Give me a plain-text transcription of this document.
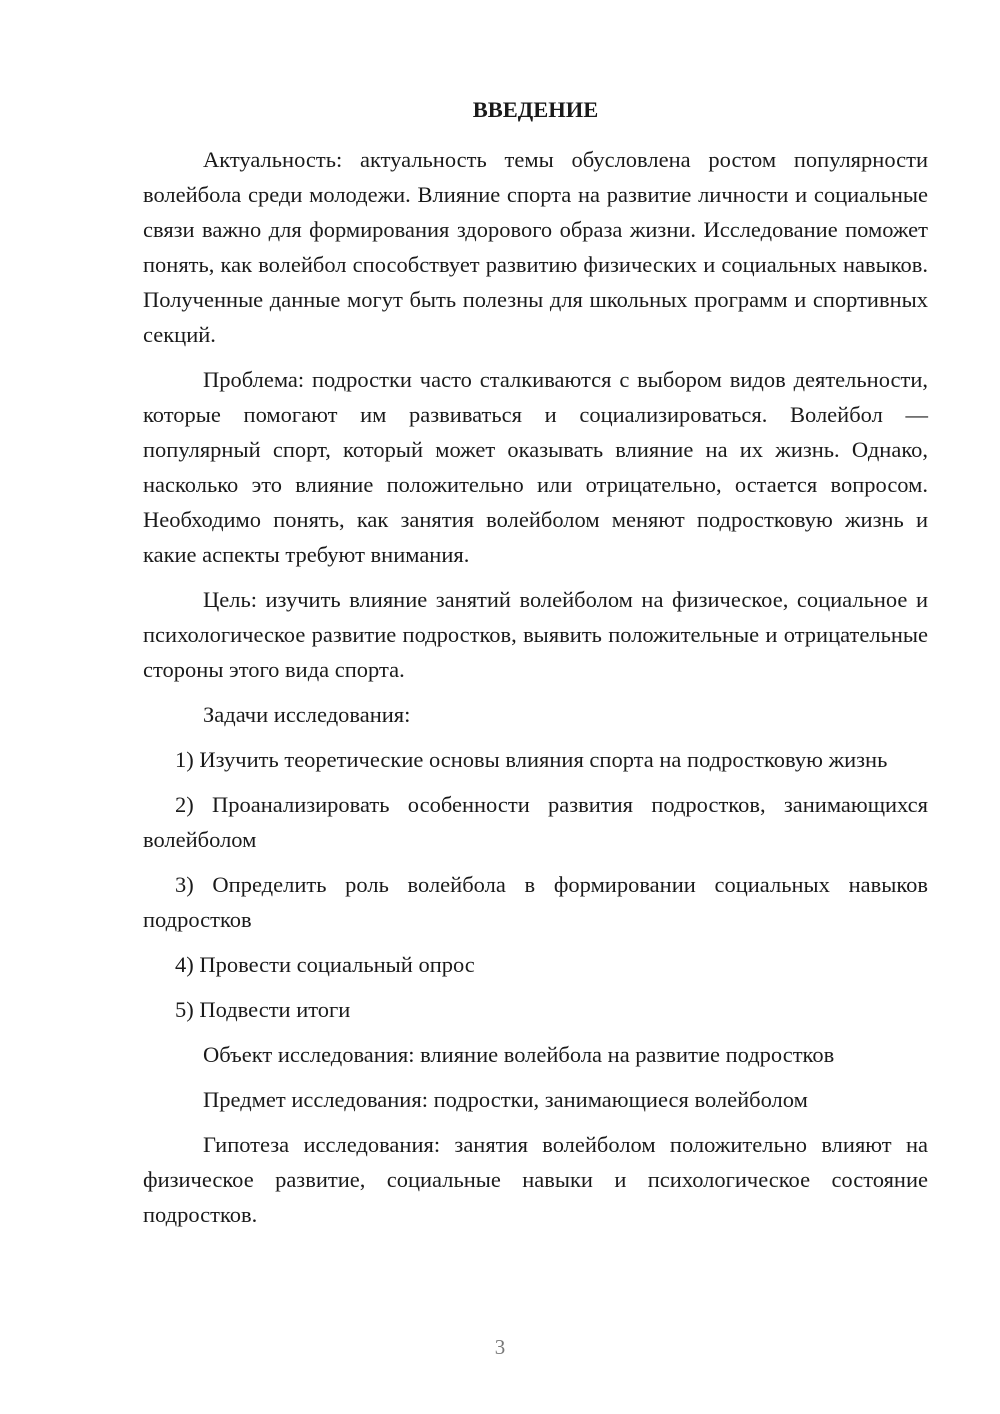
ВВЕДЕНИЕ

Актуальность: актуальность темы обусловлена ростом популярности волейбола среди молодежи. Влияние спорта на развитие личности и социальные связи важно для формирования здорового образа жизни. Исследование поможет понять, как волейбол способствует развитию физических и социальных навыков. Полученные данные могут быть полезны для школьных программ и спортивных секций.

Проблема: подростки часто сталкиваются с выбором видов деятельности, которые помогают им развиваться и социализироваться. Волейбол — популярный спорт, который может оказывать влияние на их жизнь. Однако, насколько это влияние положительно или отрицательно, остается вопросом. Необходимо понять, как занятия волейболом меняют подростковую жизнь и какие аспекты требуют внимания.

Цель: изучить влияние занятий волейболом на физическое, социальное и психологическое развитие подростков, выявить положительные и отрицательные стороны этого вида спорта.

Задачи исследования:

1) Изучить теоретические основы влияния спорта на подростковую жизнь

2) Проанализировать особенности развития подростков, занимающихся волейболом

3) Определить роль волейбола в формировании социальных навыков подростков

4) Провести социальный опрос

5) Подвести итоги

Объект исследования: влияние волейбола на развитие подростков

Предмет исследования: подростки, занимающиеся волейболом

Гипотеза исследования: занятия волейболом положительно влияют на физическое развитие, социальные навыки и психологическое состояние подростков.

3
